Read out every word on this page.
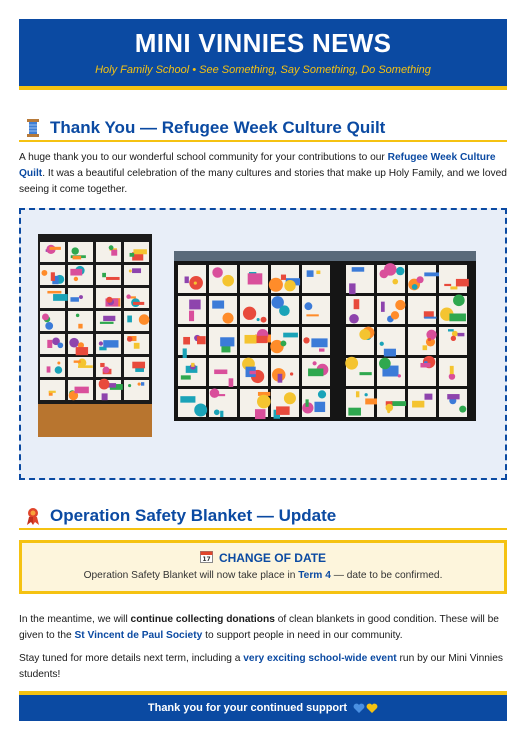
MINI VINNIES NEWS
Holy Family School • See Something, Say Something, Do Something
Thank You — Refugee Week Culture Quilt
A huge thank you to our wonderful school community for your contributions to our Refugee Week Culture Quilt. It was a beautiful celebration of the many cultures and stories that make up Holy Family, and we loved seeing it come together.
Operation Safety Blanket — Update
17 CHANGE OF DATE
Operation Safety Blanket will now take place in Term 4 — date to be confirmed.
In the meantime, we will continue collecting donations of clean blankets in good condition. These will be given to the St Vincent de Paul Society to support people in need in our community.
Stay tuned for more details next term, including a very exciting school-wide event run by our Mini Vinnies students!
Thank you for your continued support
